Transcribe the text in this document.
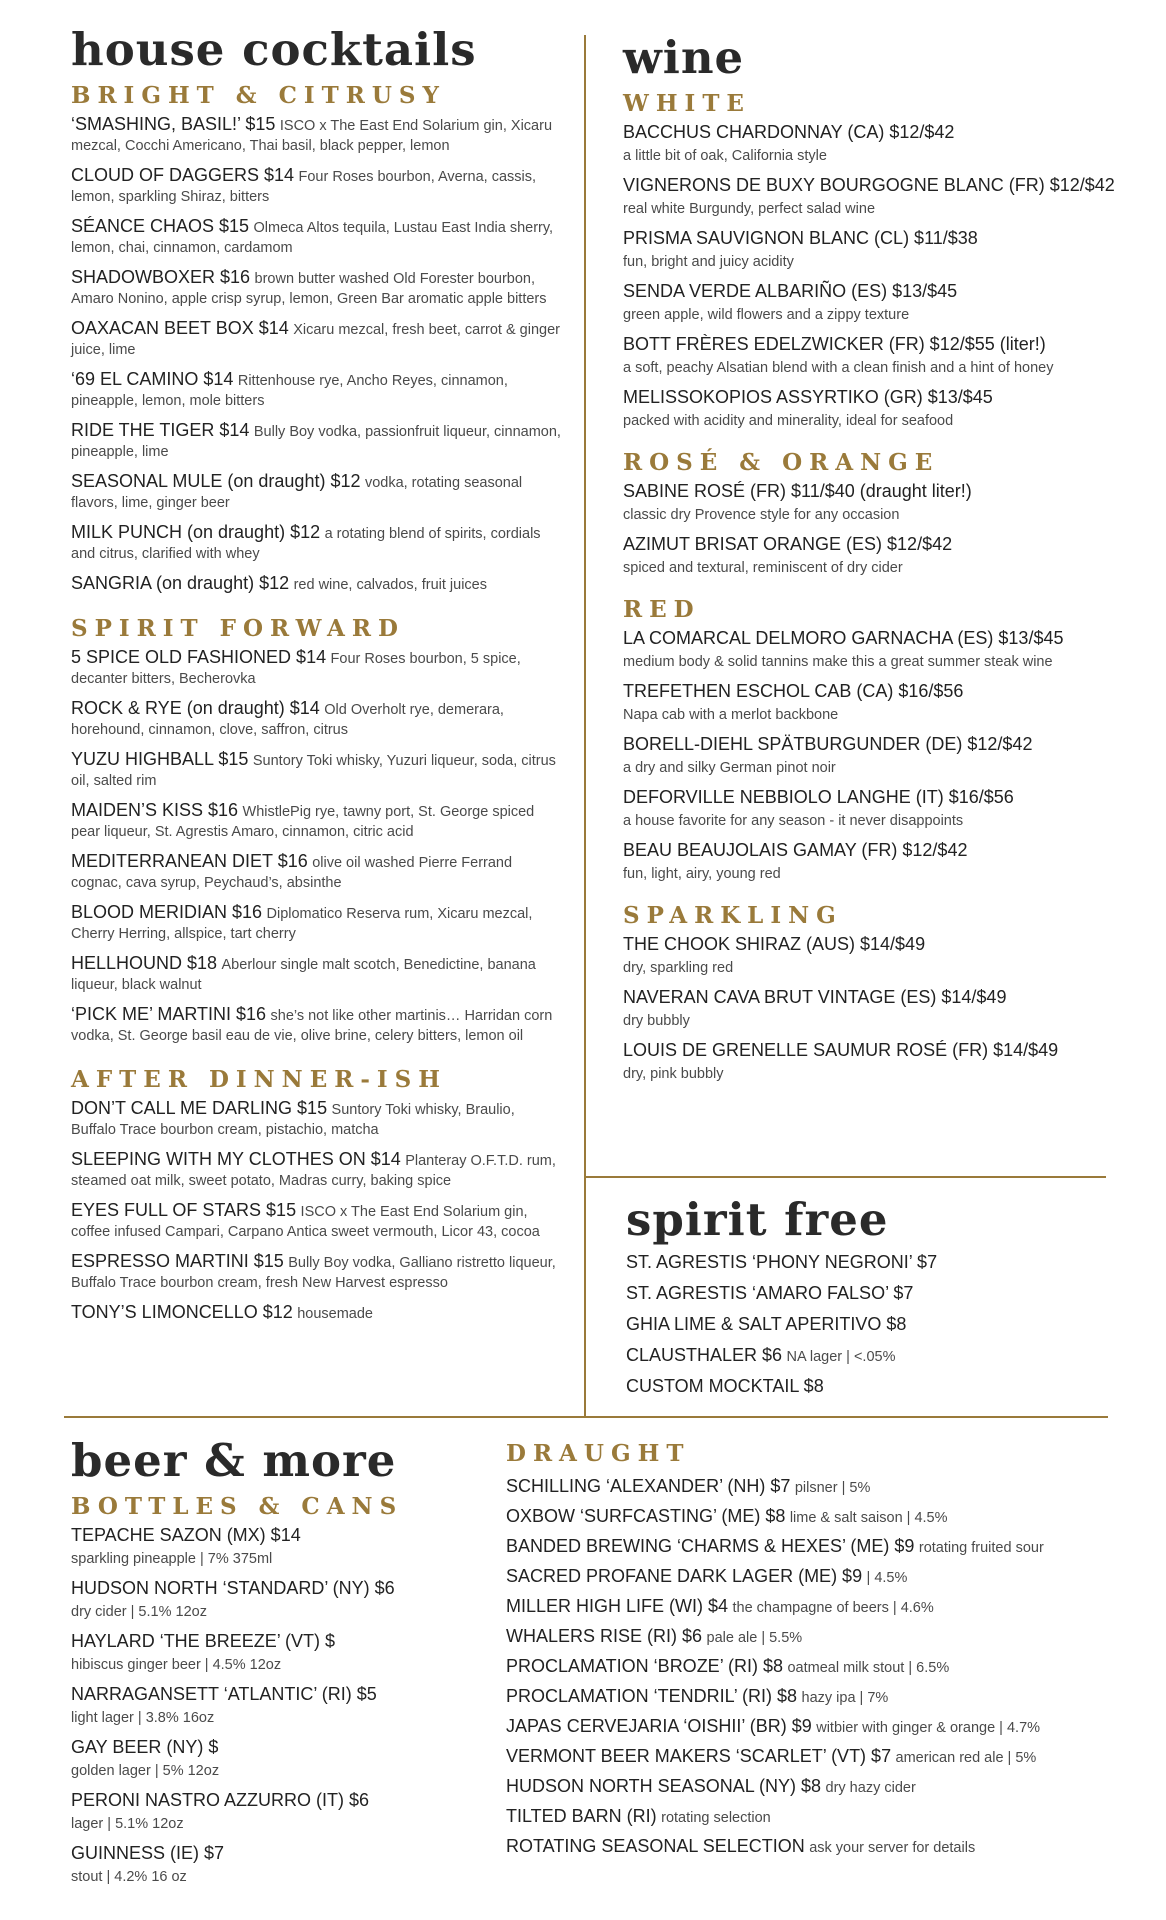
house cocktails
BRIGHT & CITRUSY
‘SMASHING, BASIL!’ $15 ISCO x The East End Solarium gin, Xicaru mezcal, Cocchi Americano, Thai basil, black pepper, lemon
CLOUD OF DAGGERS $14 Four Roses bourbon, Averna, cassis, lemon, sparkling Shiraz, bitters
SÉANCE CHAOS $15 Olmeca Altos tequila, Lustau East India sherry, lemon, chai, cinnamon, cardamom
SHADOWBOXER $16 brown butter washed Old Forester bourbon, Amaro Nonino, apple crisp syrup, lemon, Green Bar aromatic apple bitters
OAXACAN BEET BOX $14 Xicaru mezcal, fresh beet, carrot & ginger juice, lime
‘69 EL CAMINO $14 Rittenhouse rye, Ancho Reyes, cinnamon, pineapple, lemon, mole bitters
RIDE THE TIGER $14 Bully Boy vodka, passionfruit liqueur, cinnamon, pineapple, lime
SEASONAL MULE (on draught) $12 vodka, rotating seasonal flavors, lime, ginger beer
MILK PUNCH (on draught) $12 a rotating blend of spirits, cordials and citrus, clarified with whey
SANGRIA (on draught) $12 red wine, calvados, fruit juices
SPIRIT FORWARD
5 SPICE OLD FASHIONED $14 Four Roses bourbon, 5 spice, decanter bitters, Becherovka
ROCK & RYE (on draught) $14 Old Overholt rye, demerara, horehound, cinnamon, clove, saffron, citrus
YUZU HIGHBALL $15 Suntory Toki whisky, Yuzuri liqueur, soda, citrus oil, salted rim
MAIDEN’S KISS $16 WhistlePig rye, tawny port, St. George spiced pear liqueur, St. Agrestis Amaro, cinnamon, citric acid
MEDITERRANEAN DIET $16 olive oil washed Pierre Ferrand cognac, cava syrup, Peychaud’s, absinthe
BLOOD MERIDIAN $16 Diplomatico Reserva rum, Xicaru mezcal, Cherry Herring, allspice, tart cherry
HELLHOUND $18 Aberlour single malt scotch, Benedictine, banana liqueur, black walnut
‘PICK ME’ MARTINI $16 she’s not like other martinis… Harridan corn vodka, St. George basil eau de vie, olive brine, celery bitters, lemon oil
AFTER DINNER-ISH
DON’T CALL ME DARLING $15 Suntory Toki whisky, Braulio, Buffalo Trace bourbon cream, pistachio, matcha
SLEEPING WITH MY CLOTHES ON $14 Planteray O.F.T.D. rum, steamed oat milk, sweet potato, Madras curry, baking spice
EYES FULL OF STARS $15 ISCO x The East End Solarium gin, coffee infused Campari, Carpano Antica sweet vermouth, Licor 43, cocoa
ESPRESSO MARTINI $15 Bully Boy vodka, Galliano ristretto liqueur, Buffalo Trace bourbon cream, fresh New Harvest espresso
TONY’S LIMONCELLO $12 housemade
wine
WHITE
BACCHUS CHARDONNAY (CA) $12/$42
a little bit of oak, California style
VIGNERONS DE BUXY BOURGOGNE BLANC (FR) $12/$42
real white Burgundy, perfect salad wine
PRISMA SAUVIGNON BLANC (CL) $11/$38
fun, bright and juicy acidity
SENDA VERDE ALBARIÑO (ES) $13/$45
green apple, wild flowers and a zippy texture
BOTT FRÈRES EDELZWICKER (FR) $12/$55 (liter!)
a soft, peachy Alsatian blend with a clean finish and a hint of honey
MELISSOKOPIOS ASSYRTIKO (GR) $13/$45
packed with acidity and minerality, ideal for seafood
ROSÉ & ORANGE
SABINE ROSÉ (FR) $11/$40 (draught liter!)
classic dry Provence style for any occasion
AZIMUT BRISAT ORANGE (ES) $12/$42
spiced and textural, reminiscent of dry cider
RED
LA COMARCAL DELMORO GARNACHA (ES) $13/$45
medium body & solid tannins make this a great summer steak wine
TREFETHEN ESCHOL CAB (CA) $16/$56
Napa cab with a merlot backbone
BORELL-DIEHL SPÄTBURGUNDER (DE) $12/$42
a dry and silky German pinot noir
DEFORVILLE NEBBIOLO LANGHE (IT) $16/$56
a house favorite for any season - it never disappoints
BEAU BEAUJOLAIS GAMAY (FR) $12/$42
fun, light, airy, young red
SPARKLING
THE CHOOK SHIRAZ (AUS) $14/$49
dry, sparkling red
NAVERAN CAVA BRUT VINTAGE (ES) $14/$49
dry bubbly
LOUIS DE GRENELLE SAUMUR ROSÉ (FR) $14/$49
dry, pink bubbly
spirit free
ST. AGRESTIS ‘PHONY NEGRONI’ $7
ST. AGRESTIS ‘AMARO FALSO’ $7
GHIA LIME & SALT APERITIVO $8
CLAUSTHALER $6 NA lager | <.05%
CUSTOM MOCKTAIL $8
beer & more
BOTTLES & CANS
TEPACHE SAZON (MX) $14
sparkling pineapple | 7% 375ml
HUDSON NORTH ‘STANDARD’ (NY) $6
dry cider | 5.1% 12oz
HAYLARD ‘THE BREEZE’ (VT) $
hibiscus ginger beer | 4.5% 12oz
NARRAGANSETT ‘ATLANTIC’ (RI) $5
light lager | 3.8% 16oz
GAY BEER (NY) $
golden lager | 5% 12oz
PERONI NASTRO AZZURRO (IT) $6
lager | 5.1% 12oz
GUINNESS (IE) $7
stout | 4.2% 16 oz
DRAUGHT
SCHILLING ‘ALEXANDER’ (NH) $7 pilsner | 5%
OXBOW ‘SURFCASTING’ (ME) $8 lime & salt saison | 4.5%
BANDED BREWING ‘CHARMS & HEXES’ (ME) $9 rotating fruited sour
SACRED PROFANE DARK LAGER (ME) $9 | 4.5%
MILLER HIGH LIFE (WI) $4 the champagne of beers | 4.6%
WHALERS RISE (RI) $6 pale ale | 5.5%
PROCLAMATION ‘BROZE’ (RI) $8 oatmeal milk stout | 6.5%
PROCLAMATION ‘TENDRIL’ (RI) $8 hazy ipa | 7%
JAPAS CERVEJARIA ‘OISHII’ (BR) $9 witbier with ginger & orange | 4.7%
VERMONT BEER MAKERS ‘SCARLET’ (VT) $7 american red ale | 5%
HUDSON NORTH SEASONAL (NY) $8 dry hazy cider
TILTED BARN (RI) rotating selection
ROTATING SEASONAL SELECTION ask your server for details
